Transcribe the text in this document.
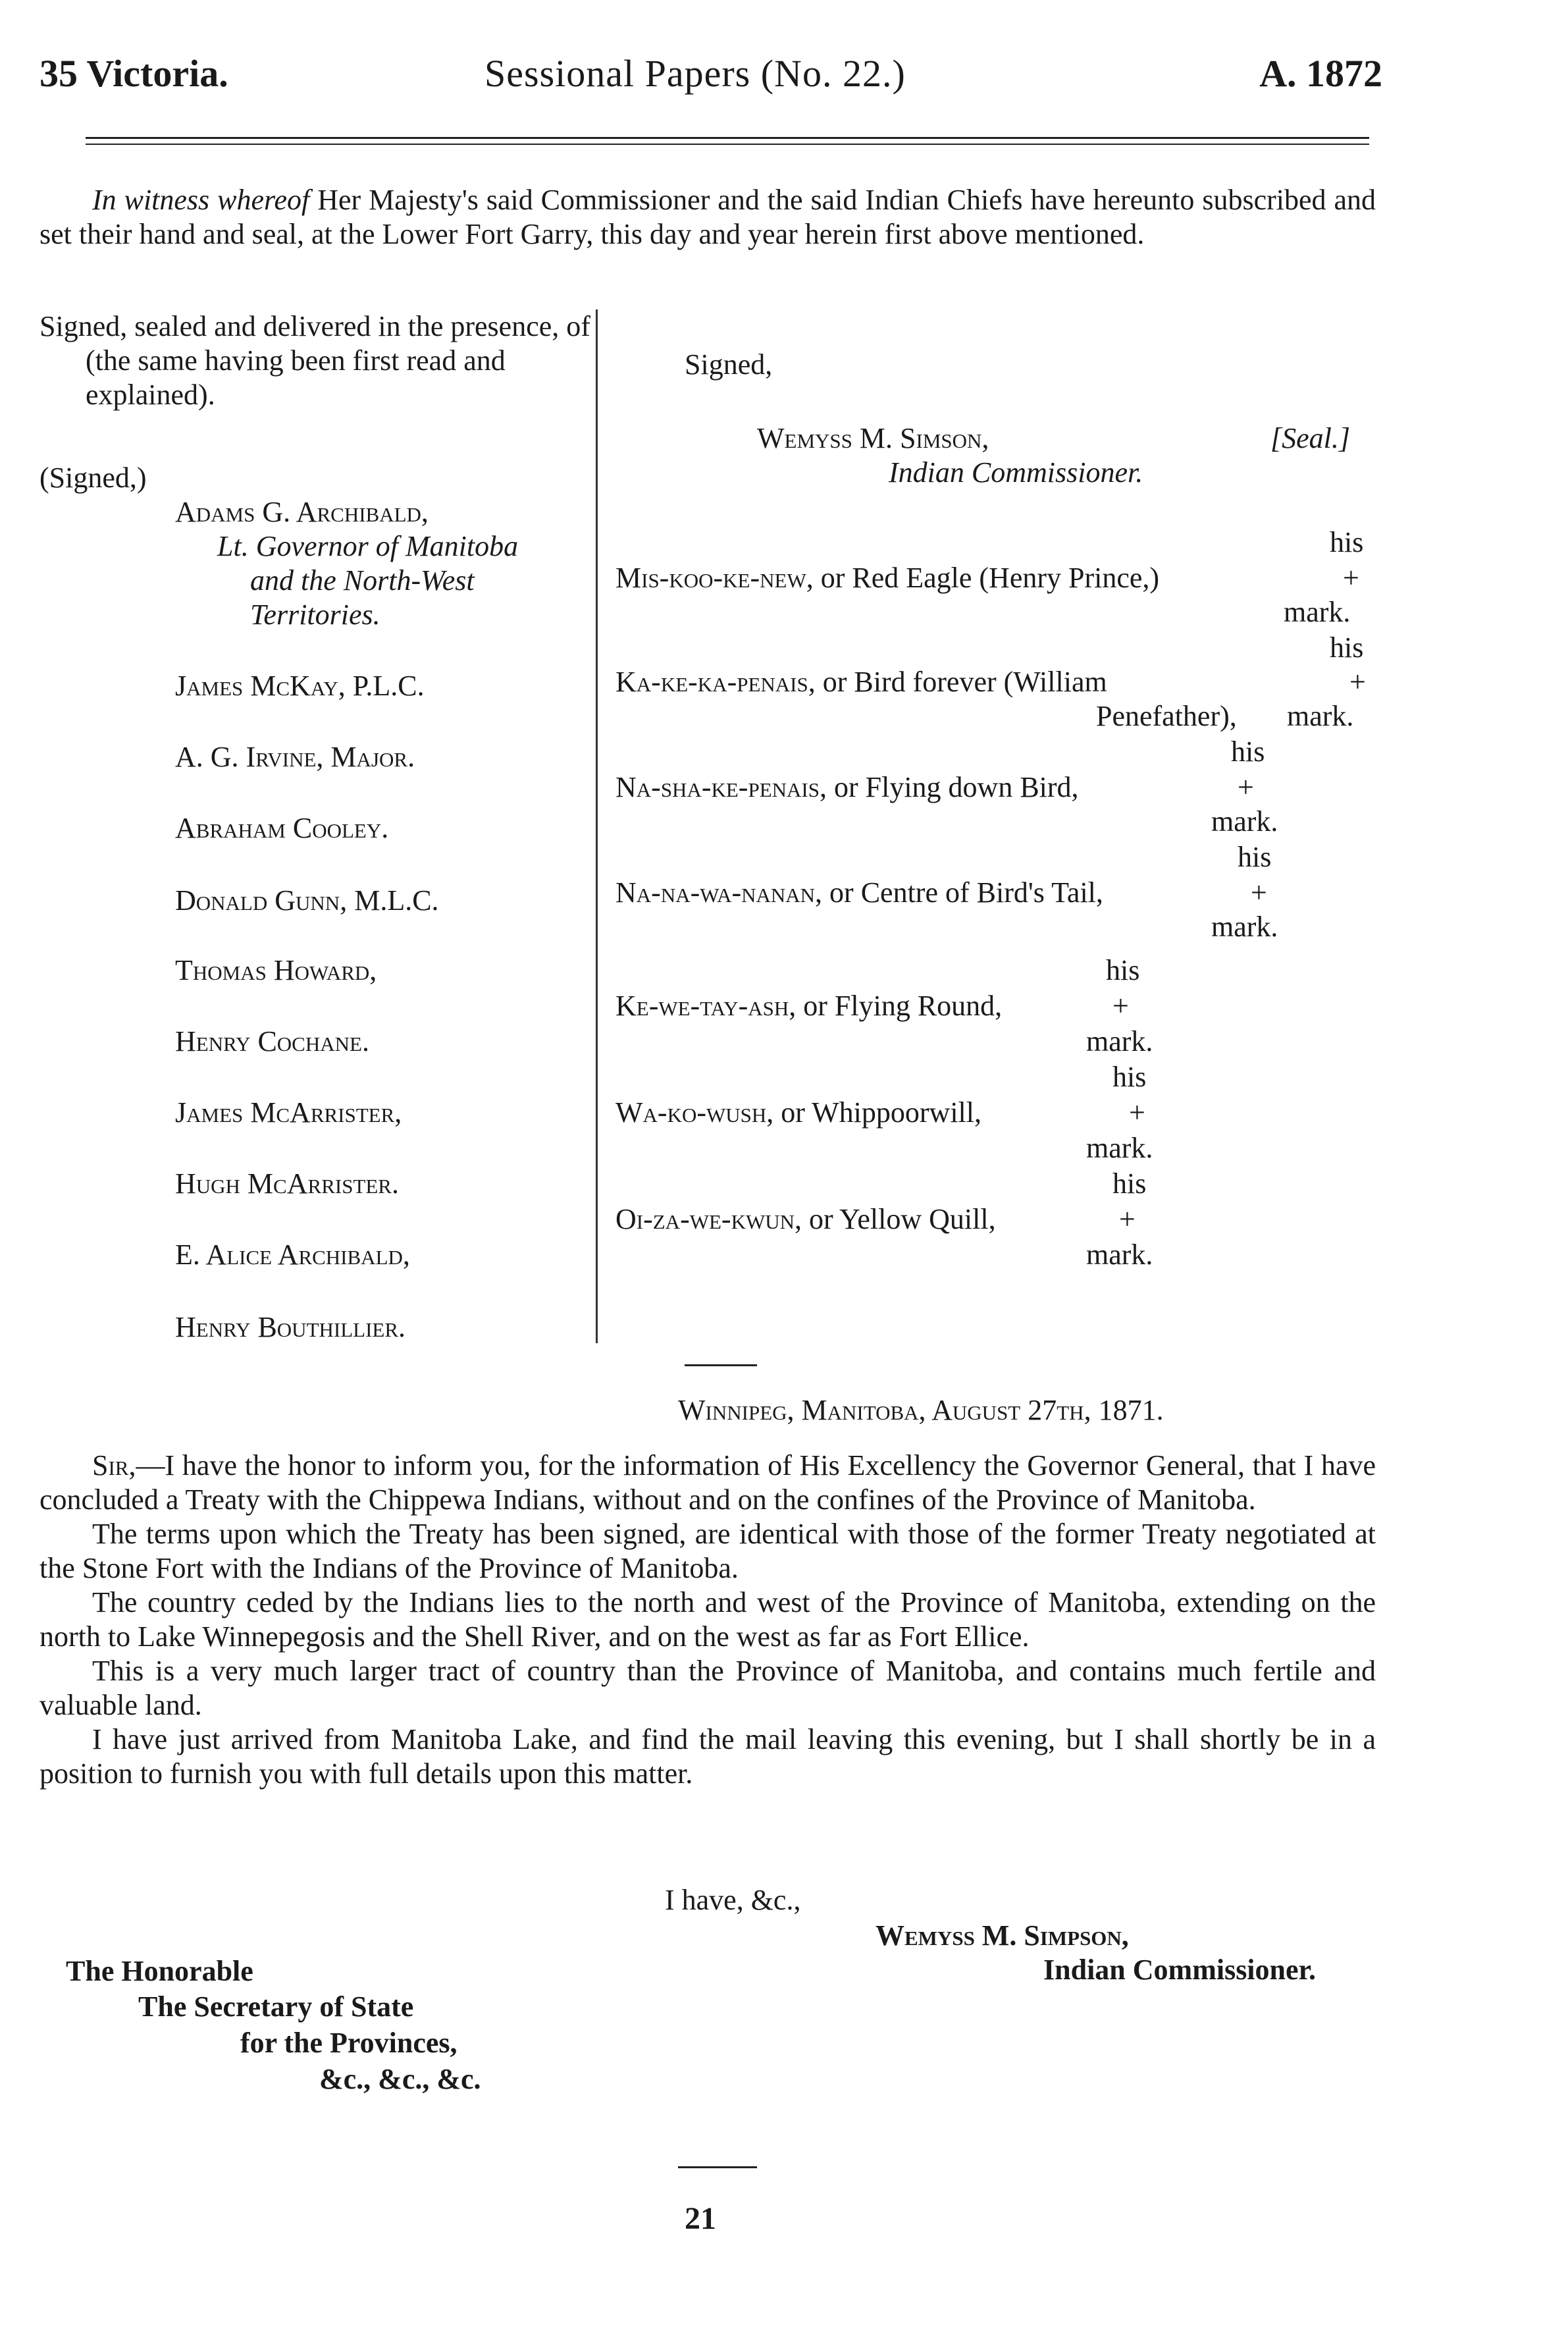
35 Victoria.	Sessional Papers (No. 22.)	A. 1872

In witness whereof Her Majesty's said Commissioner and the said Indian Chiefs have hereunto subscribed and set their hand and seal, at the Lower Fort Garry, this day and year herein first above mentioned.

Signed, sealed and delivered in the presence, of (the same having been first read and explained).

(Signed,)
Adams G. Archibald,
Lt. Governor of Manitoba
and the North-West
Territories.
James McKay, P.L.C.
A. G. Irvine, Major.
Abraham Cooley.
Donald Gunn, M.L.C.
Thomas Howard,
Henry Cochane.
James McArrister,
Hugh McArrister.
E. Alice Archibald,
Henry Bouthillier.
Signed,
Wemyss M. Simson,	[Seal.]
Indian Commissioner.
his
Mis-koo-ke-new, or Red Eagle (Henry Prince,)	+
mark.
his
Ka-ke-ka-penais, or Bird forever (William	+
Penefather), mark.
his
Na-sha-ke-penais, or Flying down Bird,	+
mark.
his
Na-na-wa-nanan, or Centre of Bird's Tail,	+
mark.
his
Ke-we-tay-ash, or Flying Round,	+
mark.
his
Wa-ko-wush, or Whippoorwill,	+
mark.
his
Oi-za-we-kwun, or Yellow Quill,	+
mark.
Winnipeg, Manitoba, August 27th, 1871.

Sir,—I have the honor to inform you, for the information of His Excellency the Governor General, that I have concluded a Treaty with the Chippewa Indians, without and on the confines of the Province of Manitoba.

The terms upon which the Treaty has been signed, are identical with those of the former Treaty negotiated at the Stone Fort with the Indians of the Province of Manitoba.

The country ceded by the Indians lies to the north and west of the Province of Manitoba, extending on the north to Lake Winnepegosis and the Shell River, and on the west as far as Fort Ellice.

This is a very much larger tract of country than the Province of Manitoba, and contains much fertile and valuable land.

I have just arrived from Manitoba Lake, and find the mail leaving this evening, but I shall shortly be in a position to furnish you with full details upon this matter.

I have, &c.,
Wemyss M. Simpson,
Indian Commissioner.
The Honorable
The Secretary of State
for the Provinces,
&c., &c., &c.
21
